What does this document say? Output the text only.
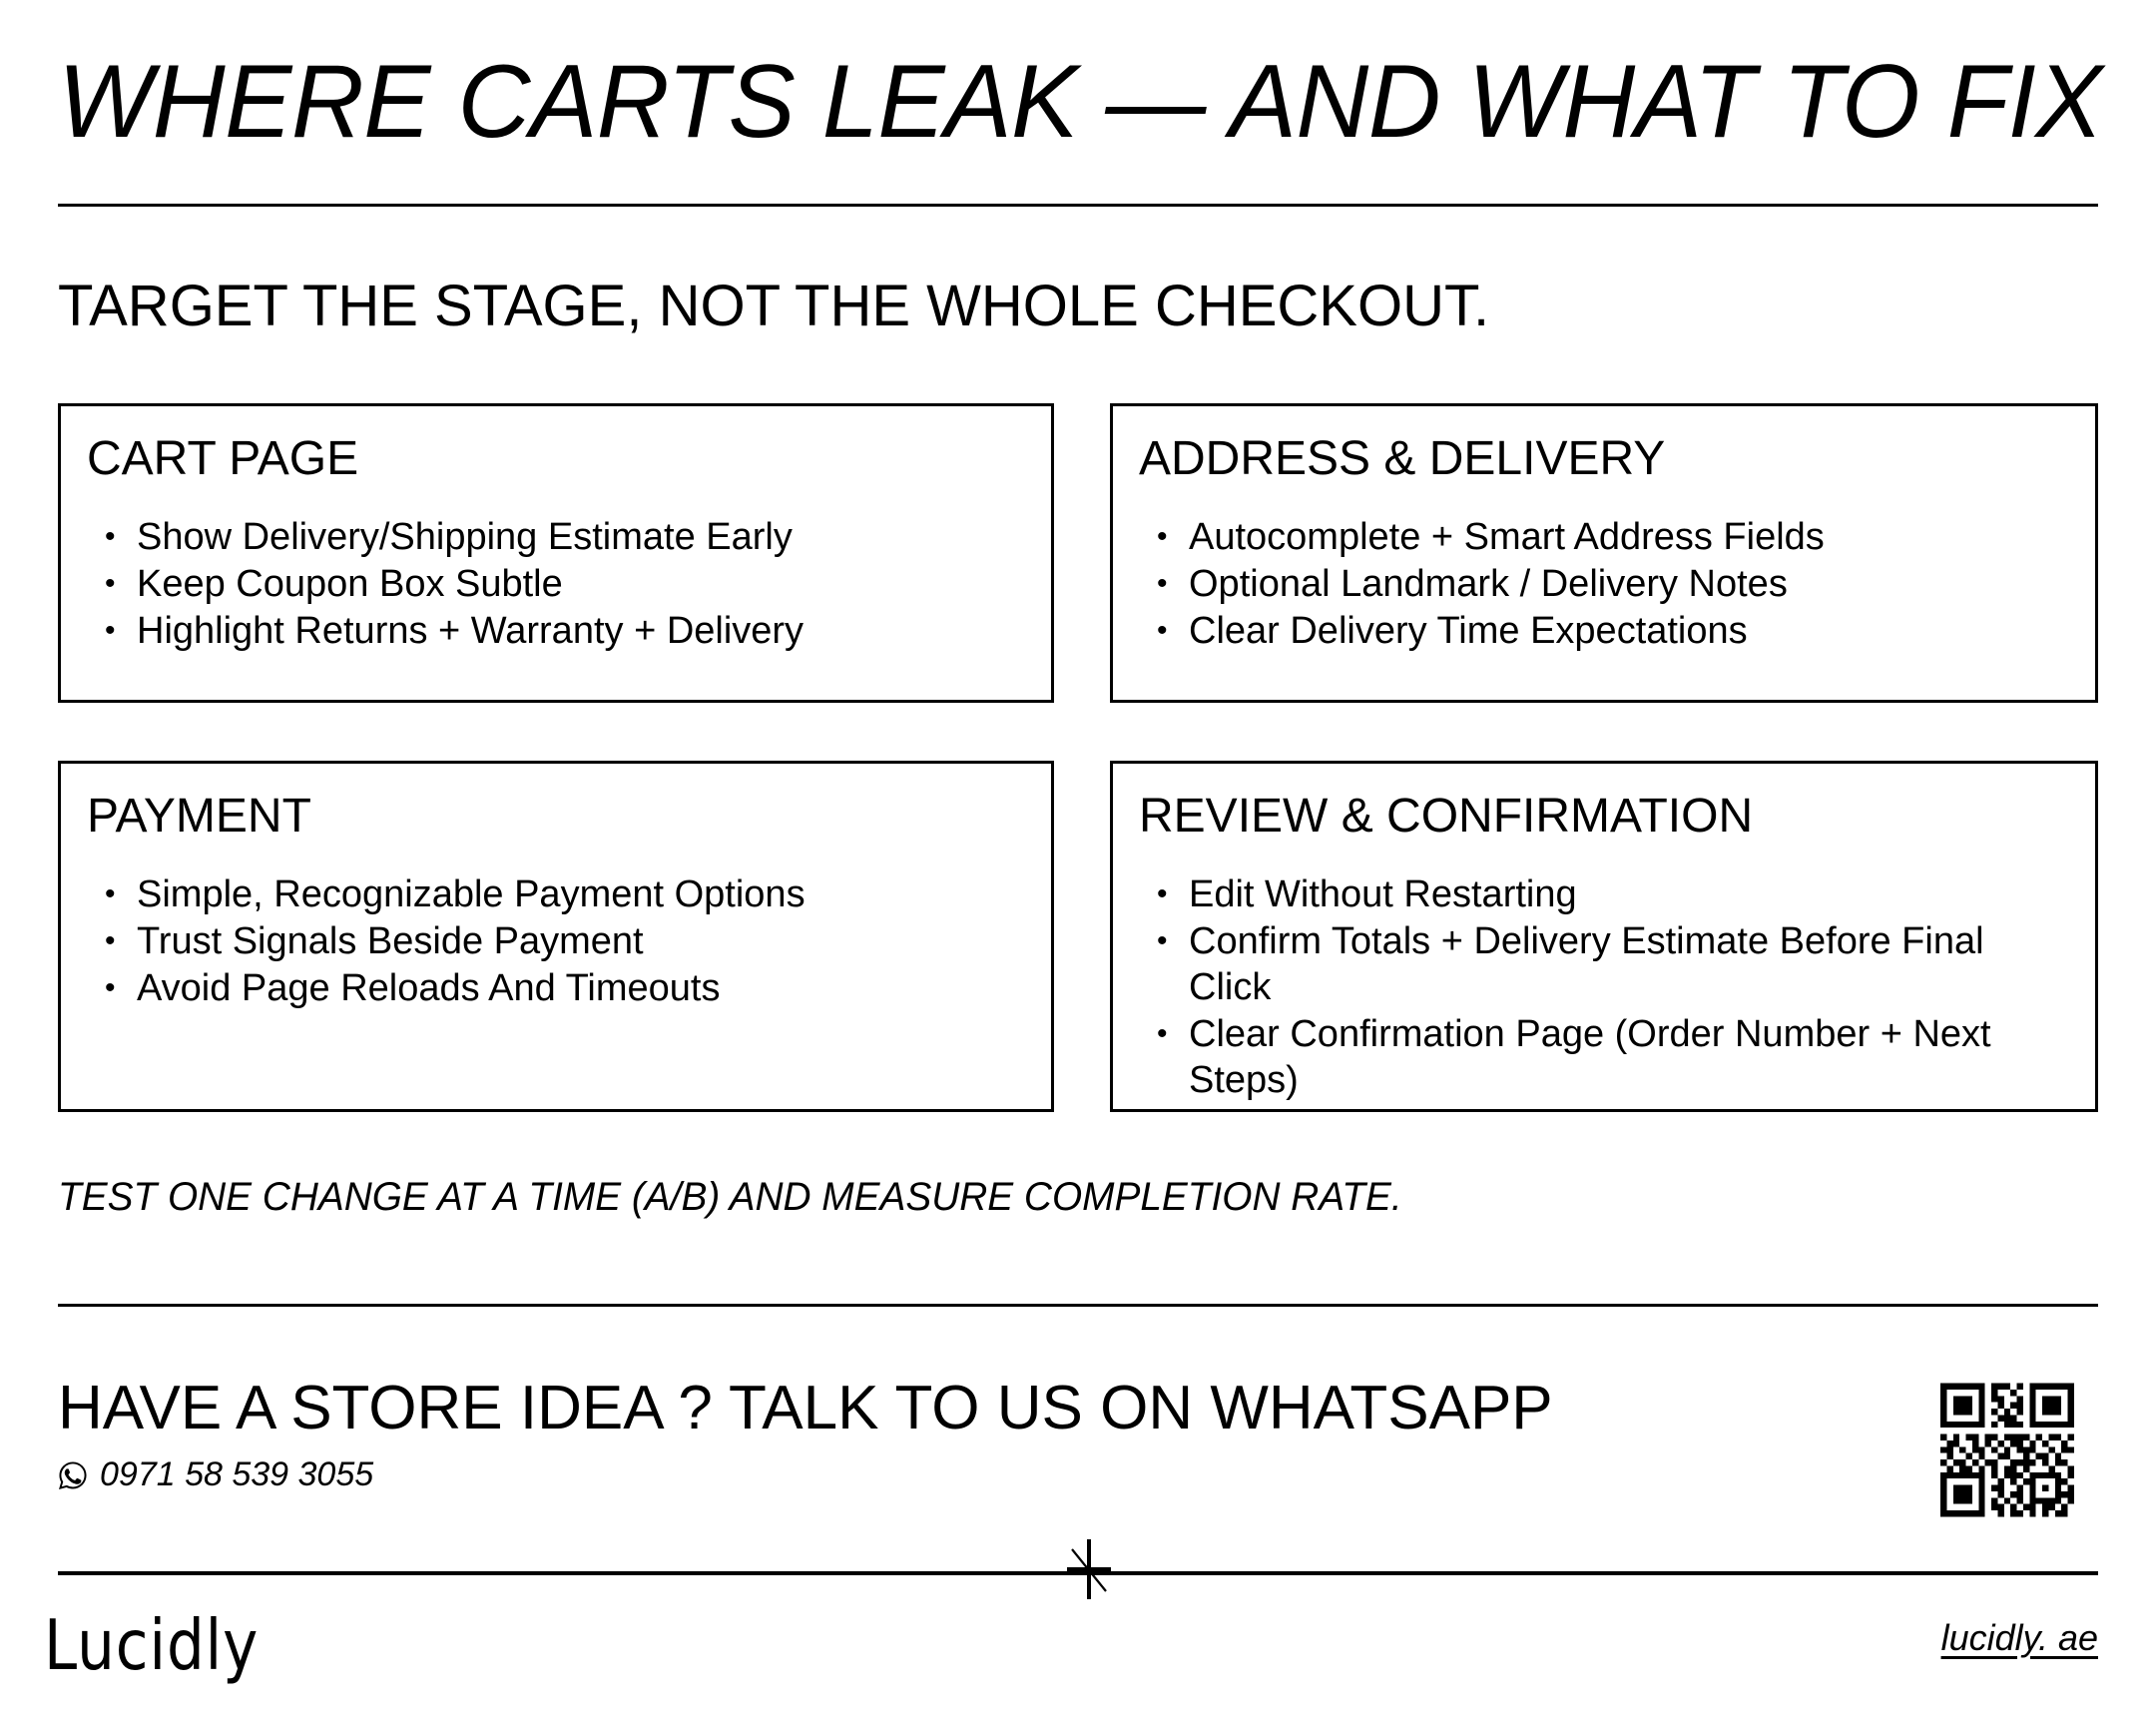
WHERE CARTS LEAK — AND WHAT TO FIX
TARGET THE STAGE, NOT THE WHOLE CHECKOUT.
CART PAGE
• Show Delivery/Shipping Estimate Early
• Keep Coupon Box Subtle
• Highlight Returns + Warranty + Delivery
ADDRESS & DELIVERY
• Autocomplete + Smart Address Fields
• Optional Landmark / Delivery Notes
• Clear Delivery Time Expectations
PAYMENT
• Simple, Recognizable Payment Options
• Trust Signals Beside Payment
• Avoid Page Reloads And Timeouts
REVIEW & CONFIRMATION
• Edit Without Restarting
• Confirm Totals + Delivery Estimate Before Final Click
• Clear Confirmation Page (Order Number + Next Steps)
TEST ONE CHANGE AT A TIME (A/B) AND MEASURE COMPLETION RATE.
HAVE A STORE IDEA ? TALK TO US ON WHATSAPP
0971 58 539 3055
Lucidly	lucidly. ae
